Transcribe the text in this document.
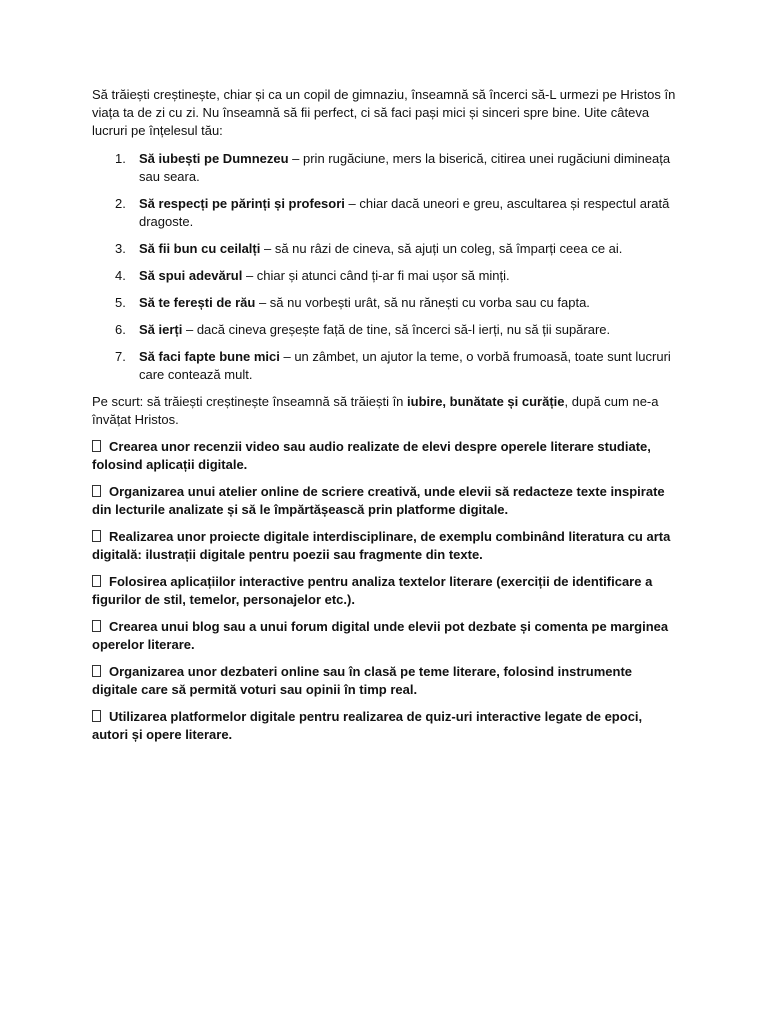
Să trăiești creștinește, chiar și ca un copil de gimnaziu, înseamnă să încerci să-L urmezi pe Hristos în viața ta de zi cu zi. Nu înseamnă să fii perfect, ci să faci pași mici și sinceri spre bine. Uite câteva lucruri pe înțelesul tău:

1. Să iubești pe Dumnezeu – prin rugăciune, mers la biserică, citirea unei rugăciuni dimineața sau seara.
2. Să respecți pe părinți și profesori – chiar dacă uneori e greu, ascultarea și respectul arată dragoste.
3. Să fii bun cu ceilalți – să nu râzi de cineva, să ajuți un coleg, să împarți ceea ce ai.
4. Să spui adevărul – chiar și atunci când ți-ar fi mai ușor să minți.
5. Să te ferești de rău – să nu vorbești urât, să nu rănești cu vorba sau cu fapta.
6. Să ierți – dacă cineva greșește față de tine, să încerci să-l ierți, nu să ții supărare.
7. Să faci fapte bune mici – un zâmbet, un ajutor la teme, o vorbă frumoasă, toate sunt lucruri care contează mult.

Pe scurt: să trăiești creștinește înseamnă să trăiești în iubire, bunătate și curăție, după cum ne-a învățat Hristos.

Crearea unor recenzii video sau audio realizate de elevi despre operele literare studiate, folosind aplicații digitale.

Organizarea unui atelier online de scriere creativă, unde elevii să redacteze texte inspirate din lecturile analizate și să le împărtășească prin platforme digitale.

Realizarea unor proiecte digitale interdisciplinare, de exemplu combinând literatura cu arta digitală: ilustrații digitale pentru poezii sau fragmente din texte.

Folosirea aplicațiilor interactive pentru analiza textelor literare (exerciții de identificare a figurilor de stil, temelor, personajelor etc.).

Crearea unui blog sau a unui forum digital unde elevii pot dezbate și comenta pe marginea operelor literare.

Organizarea unor dezbateri online sau în clasă pe teme literare, folosind instrumente digitale care să permită voturi sau opinii în timp real.

Utilizarea platformelor digitale pentru realizarea de quiz-uri interactive legate de epoci, autori și opere literare.
